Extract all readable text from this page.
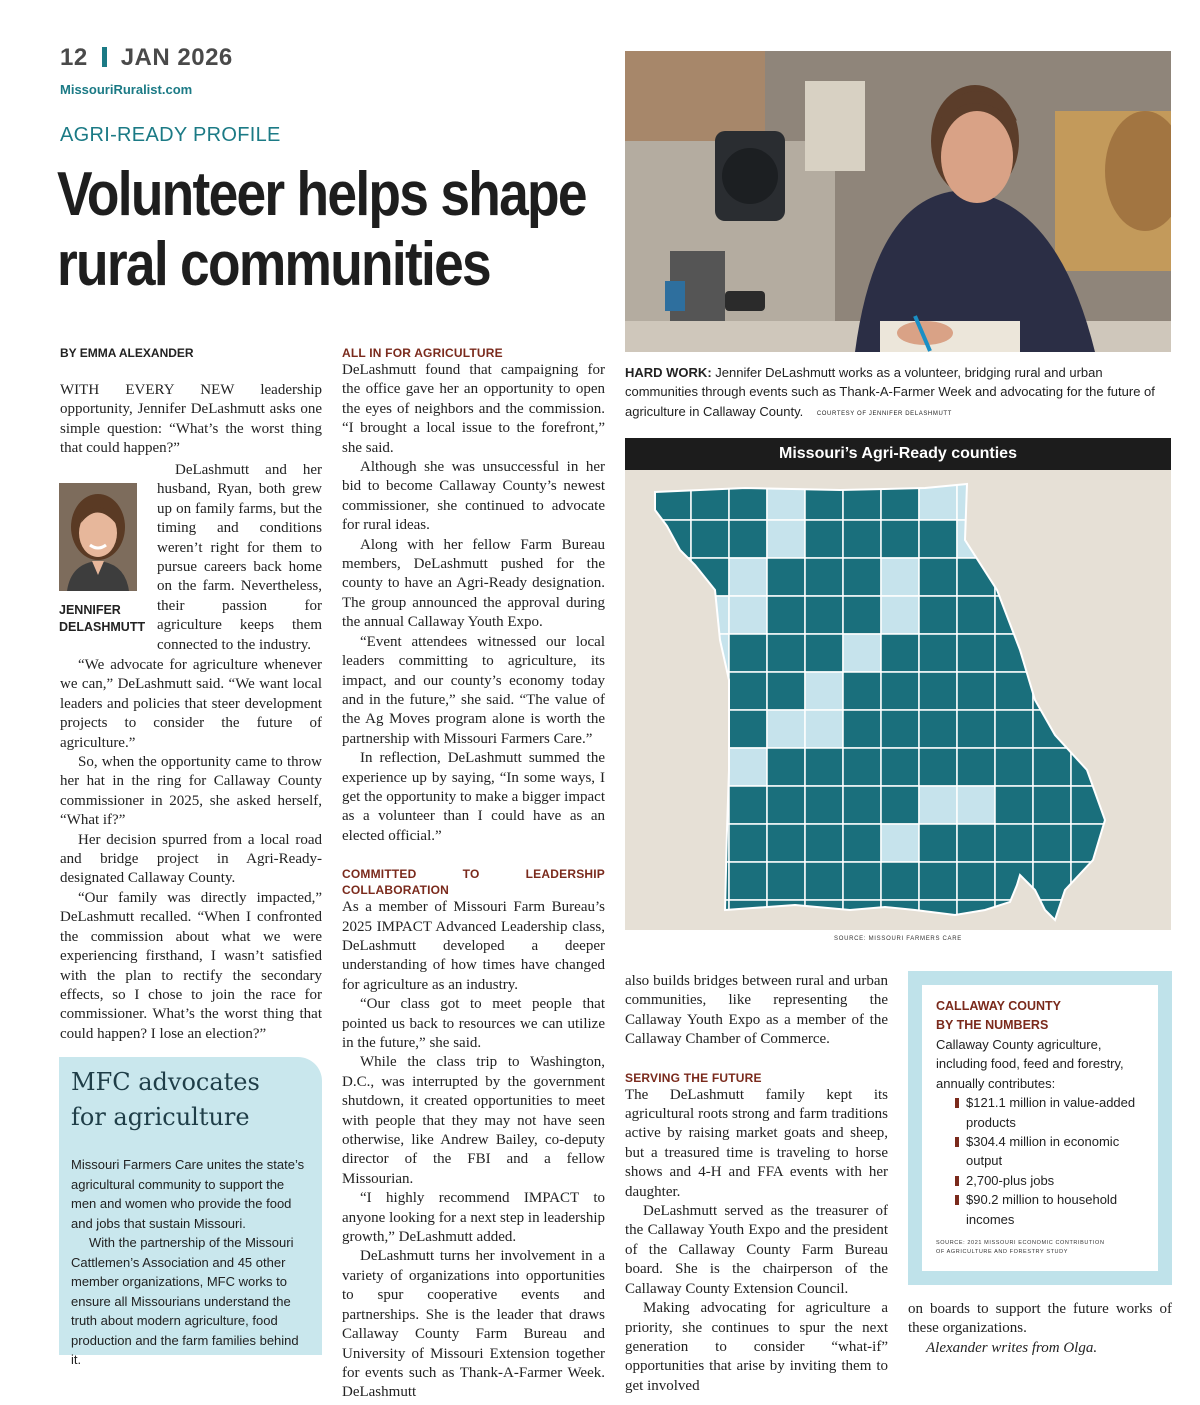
12 JAN 2026
MissouriRuralist.com
AGRI-READY PROFILE
Volunteer helps shape
rural communities
BY EMMA ALEXANDER

WITH EVERY NEW leadership opportunity, Jennifer DeLashmutt asks one simple question: “What’s the worst thing that could happen?”

JENNIFER
DELASHMUTT

DeLashmutt and her husband, Ryan, both grew up on family farms, but the timing and conditions weren’t right for them to pursue careers back home on the farm. Nevertheless, their passion for agriculture keeps them connected to the industry.

“We advocate for agriculture whenever we can,” DeLashmutt said. “We want local leaders and policies that steer development projects to consider the future of agriculture.”

So, when the opportunity came to throw her hat in the ring for Callaway County commissioner in 2025, she asked herself, “What if?”

Her decision spurred from a local road and bridge project in Agri-Ready-designated Callaway County.

“Our family was directly impacted,” DeLashmutt recalled. “When I confronted the commission about what we were experiencing firsthand, I wasn’t satisfied with the plan to rectify the secondary effects, so I chose to join the race for commissioner. What’s the worst thing that could happen? I lose an election?”

MFC advocates
for agriculture

Missouri Farmers Care unites the state’s agricultural community to support the men and women who provide the food and jobs that sustain Missouri.

With the partnership of the Missouri Cattlemen’s Association and 45 other member organizations, MFC works to ensure all Missourians understand the truth about modern agriculture, food production and the farm families behind it.

ALL IN FOR AGRICULTURE

DeLashmutt found that campaigning for the office gave her an opportunity to open the eyes of neighbors and the commission. “I brought a local issue to the forefront,” she said.

Although she was unsuccessful in her bid to become Callaway County’s newest commissioner, she continued to advocate for rural ideas.

Along with her fellow Farm Bureau members, DeLashmutt pushed for the county to have an Agri-Ready designation. The group announced the approval during the annual Callaway Youth Expo.

“Event attendees witnessed our local leaders committing to agriculture, its impact, and our county’s economy today and in the future,” she said. “The value of the Ag Moves program alone is worth the partnership with Missouri Farmers Care.”

In reflection, DeLashmutt summed the experience up by saying, “In some ways, I get the opportunity to make a bigger impact as a volunteer than I could have as an elected official.”

COMMITTED TO LEADERSHIP COLLABORATION

As a member of Missouri Farm Bureau’s 2025 IMPACT Advanced Leadership class, DeLashmutt developed a deeper understanding of how times have changed for agriculture as an industry.

“Our class got to meet people that pointed us back to resources we can utilize in the future,” she said.

While the class trip to Washington, D.C., was interrupted by the government shutdown, it created opportunities to meet with people that they may not have seen otherwise, like Andrew Bailey, co-deputy director of the FBI and a fellow Missourian.

“I highly recommend IMPACT to anyone looking for a next step in leadership growth,” DeLashmutt added.

DeLashmutt turns her involvement in a variety of organizations into opportunities to spur cooperative events and partnerships. She is the leader that draws Callaway County Farm Bureau and University of Missouri Extension together for events such as Thank-A-Farmer Week. DeLashmutt

HARD WORK: Jennifer DeLashmutt works as a volunteer, bridging rural and urban communities through events such as Thank-A-Farmer Week and advocating for the future of agriculture in Callaway County. COURTESY OF JENNIFER DELASHMUTT
Missouri’s Agri-Ready counties
SOURCE: MISSOURI FARMERS CARE

also builds bridges between rural and urban communities, like representing the Callaway Youth Expo as a member of the Callaway Chamber of Commerce.

SERVING THE FUTURE

The DeLashmutt family kept its agricultural roots strong and farm traditions active by raising market goats and sheep, but a treasured time is traveling to horse shows and 4-H and FFA events with her daughter.

DeLashmutt served as the treasurer of the Callaway Youth Expo and the president of the Callaway County Farm Bureau board. She is the chairperson of the Callaway County Extension Council.

Making advocating for agriculture a priority, she continues to spur the next generation to consider “what-if” opportunities that arise by inviting them to get involved

CALLAWAY COUNTY
BY THE NUMBERS
Callaway County agriculture, including food, feed and forestry, annually contributes:
$121.1 million in value-added products
$304.4 million in economic output
2,700-plus jobs
$90.2 million to household incomes
SOURCE: 2021 MISSOURI ECONOMIC CONTRIBUTION
OF AGRICULTURE AND FORESTRY STUDY

on boards to support the future works of these organizations.

Alexander writes from Olga.
